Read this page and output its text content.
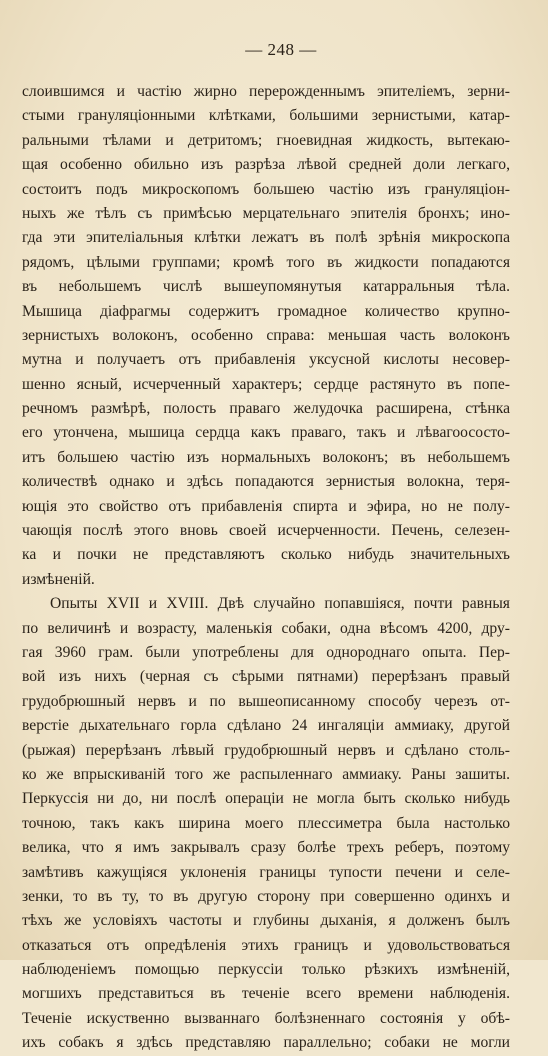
— 248 —
слоившимся и частію жирно перерожденнымъ эпителіемъ, зерни-
стыми грануляціонными клѣтками, большими зернистыми, катар-
ральными тѣлами и детритомъ; гноевидная жидкость, вытекаю-
щая особенно обильно изъ разрѣза лѣвой средней доли легкаго,
состоитъ подъ микроскопомъ большею частію изъ грануляціон-
ныхъ же тѣлъ съ примѣсью мерцательнаго эпителія бронхъ; ино-
гда эти эпителіальныя клѣтки лежатъ въ полѣ зрѣнія микроскопа
рядомъ, цѣлыми группами; кромѣ того въ жидкости попадаются
въ небольшемъ числѣ вышеупомянутыя катарральныя тѣла.
Мышица діафрагмы содержитъ громадное количество крупно-
зернистыхъ волоконъ, особенно справа: меньшая часть волоконъ
мутна и получаетъ отъ прибавленія уксусной кислоты несовер-
шенно ясный, исчерченный характеръ; сердце растянуто въ попе-
речномъ размѣрѣ, полость праваго желудочка расширена, стѣнка
его утончена, мышица сердца какъ праваго, такъ и лѣвагоососто-
итъ большею частію изъ нормальныхъ волоконъ; въ небольшемъ
количествѣ однако и здѣсь попадаются зернистыя волокна, теря-
ющія это свойство отъ прибавленія спирта и эфира, но не полу-
чающія послѣ этого вновь своей исчерченности. Печень, селезен-
ка и почки не представляютъ сколько нибудь значительныхъ
измѣненій.
Опыты XVII и XVIII. Двѣ случайно попавшіяся, почти равныя
по величинѣ и возрасту, маленькія собаки, одна вѣсомъ 4200, дру-
гая 3960 грам. были употреблены для однороднаго опыта. Пер-
вой изъ нихъ (черная съ сѣрыми пятнами) перерѣзанъ правый
грудобрюшный нервъ и по вышеописанному способу черезъ от-
верстіе дыхательнаго горла сдѣлано 24 ингаляціи аммиаку, другой
(рыжая) перерѣзанъ лѣвый грудобрюшный нервъ и сдѣлано столь-
ко же впрыскиваній того же распыленнаго аммиаку. Раны зашиты.
Перкуссія ни до, ни послѣ операціи не могла быть сколько нибудь
точною, такъ какъ ширина моего плессиметра была настолько
велика, что я имъ закрывалъ сразу болѣе трехъ реберъ, поэтому
замѣтивъ кажущіяся уклоненія границы тупости печени и селе-
зенки, то въ ту, то въ другую сторону при совершенно одинхъ и
тѣхъ же условіяхъ частоты и глубины дыханія, я долженъ былъ
отказаться отъ опредѣленія этихъ границъ и удовольствоваться
наблюденіемъ помощью перкуссіи только рѣзкихъ измѣненій,
могшихъ представиться въ теченіе всего времени наблюденія.
Теченіе искуственно вызваннаго болѣзненнаго состоянія у обѣ-
ихъ собакъ я здѣсь представляю параллельно; собаки не могли
